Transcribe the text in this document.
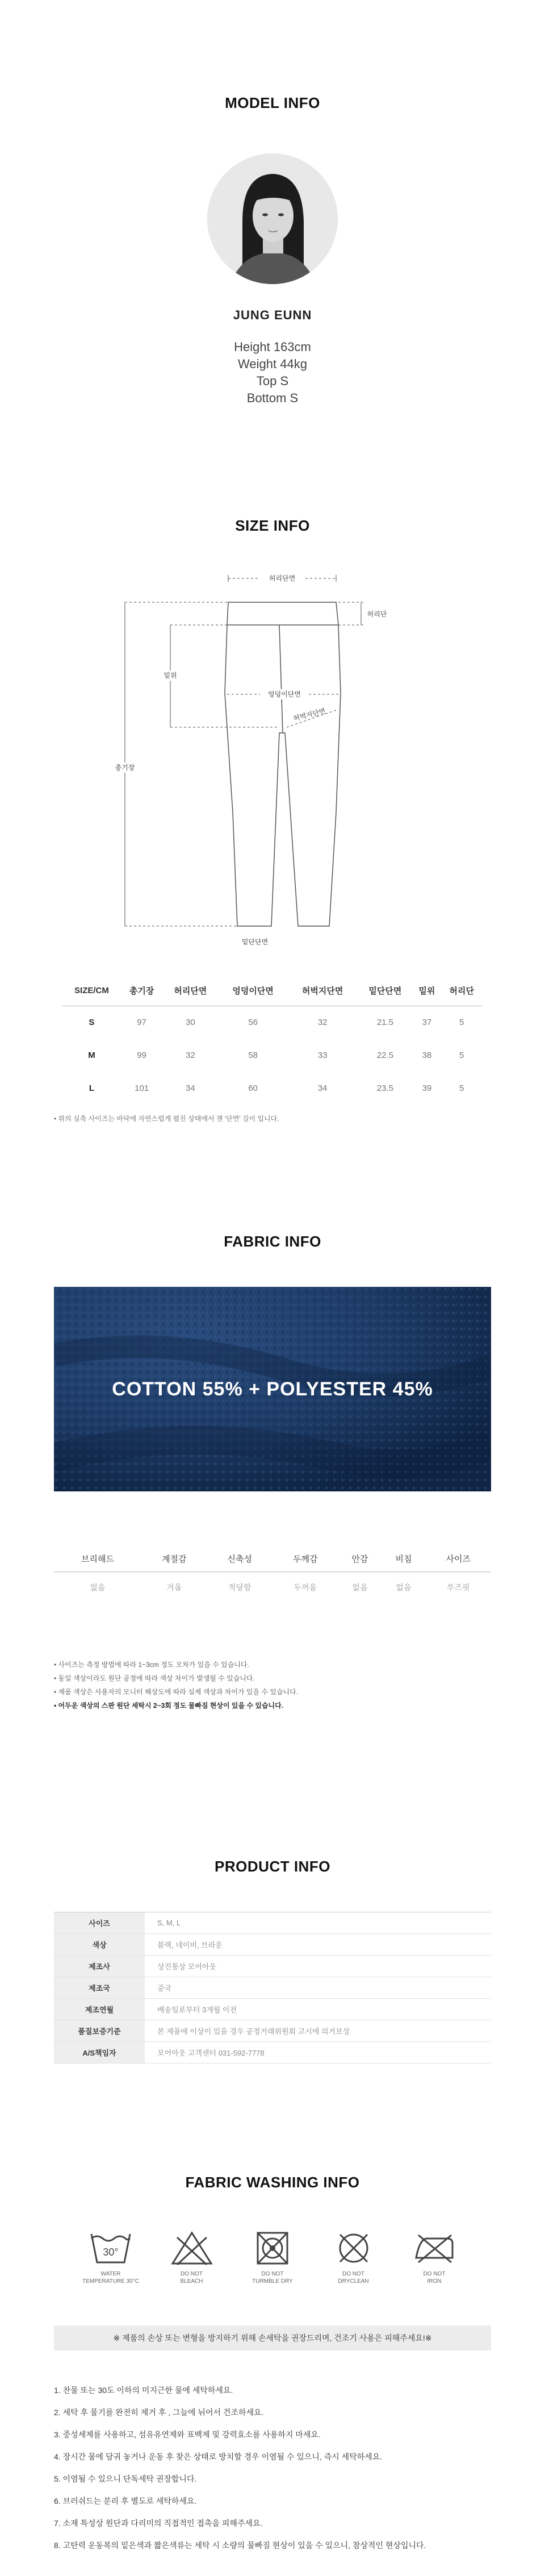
MODEL INFO
JUNG EUNN
Height 163cm
Weight 44kg
Top S
Bottom S
SIZE INFO
허리단면
허리단
밑위
엉덩이단면
허벅지단면
총기장
밑단단면
SIZE/CM	총기장	허리단면	엉덩이단면	허벅지단면	밑단단면	밑위	허리단
S	97	30	56	32	21.5	37	5
M	99	32	58	33	22.5	38	5
L	101	34	60	34	23.5	39	5
• 위의 실측 사이즈는 바닥에 자연스럽게 펼친 상태에서 잰 '단면' 길이 입니다.
FABRIC INFO
COTTON 55% + POLYESTER 45%
브리해드	계절감	신축성	두께감	안감	비침	사이즈
없음	겨울	적당함	두꺼움	없음	없음	루즈핏
• 사이즈는 측정 방법에 따라 1~3cm 정도 오차가 있을 수 있습니다.
• 동일 색상이라도 원단 공정에 따라 색상 차이가 발생될 수 있습니다.
• 제품 색상은 사용자의 모니터 해상도에 따라 실제 색상과 차이가 있을 수 있습니다.
• 어두운 색상의 스판 원단 세탁시 2~3회 정도 물빠짐 현상이 있을 수 있습니다.
PRODUCT INFO
사이즈	S, M, L
색상	블랙, 네이비, 브라운
제조사	상진통상 모어아웃
제조국	중국
제조연월	배송일로부터 3개월 이전
품질보증기준	본 제품에 이상이 있을 경우 공정거래위원회 고시에 의거보상
A/S책임자	모어아웃 고객센터 031-592-7778
FABRIC WASHING INFO
30°
WATER
TEMPERATURE 30°C
DO NOT
BLEACH
DO NOT
TURMBLE DRY
DO NOT
DRYCLEAN
DO NOT
IRON
※ 제품의 손상 또는 변형을 방지하기 위해 손세탁을 권장드리며, 건조기 사용은 피해주세요!※
1. 찬물 또는 30도 이하의 미지근한 물에 세탁하세요.
2. 세탁 후 물기를 완전히 제거 후 , 그늘에 뉘어서 건조하세요.
3. 중성세제를 사용하고, 섬유유연제와 표백제 및 강력효소를 사용하지 마세요.
4. 장시간 물에 담궈 놓거나 운동 후 찾은 상태로 방치할 경우 이염될 수 있으니, 즉시 세탁하세요.
5. 이염될 수 있으니 단독세탁 권장합니다.
6. 브러쉬드는 분리 후 별도로 세탁하세요.
7. 소재 특성상 원단과 다리미의 직접적인 접촉을 피해주세요.
8. 고탄력 운동복의 밑은색과 짧은색류는 세탁 시 소량의 물빠짐 현상이 있을 수 있으니, 참상적인 현상입니다.
